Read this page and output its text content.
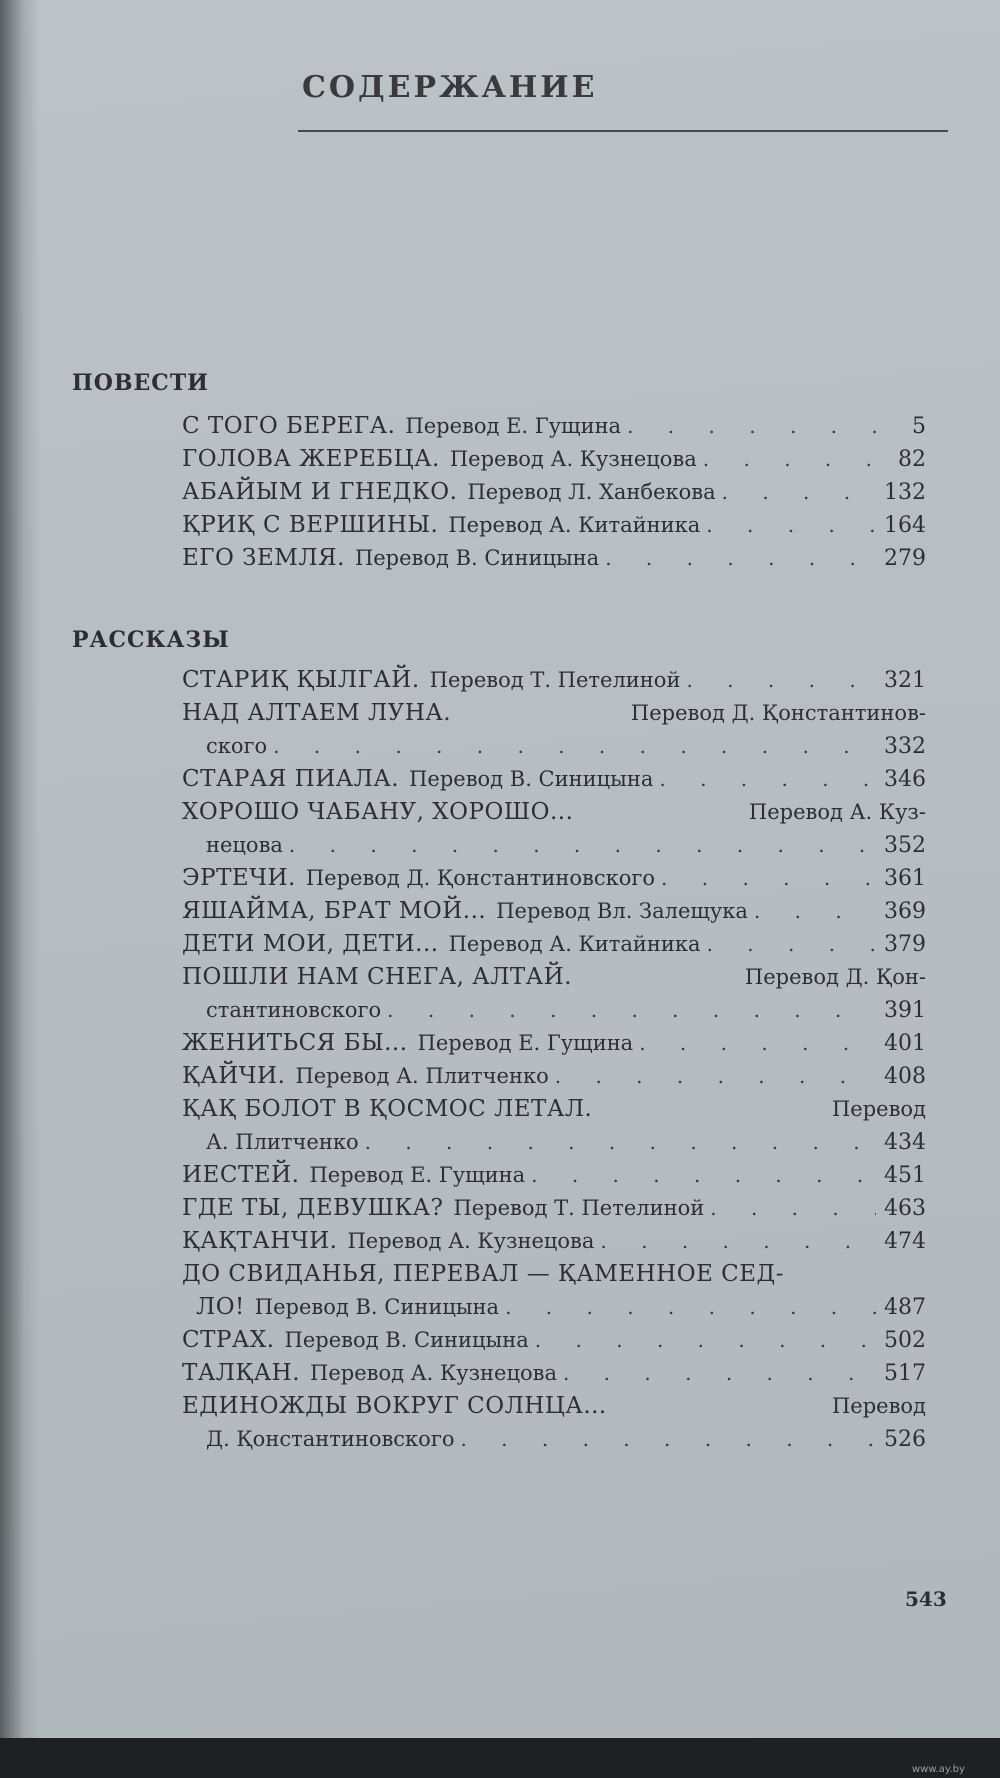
СОДЕРЖАНИЕ
ПОВЕСТИ
С ТОГО БЕРЕГА. Перевод Е. Гущина . . .	5
ГОЛОВА ЖЕРЕБЦА. Перевод А. Кузнецова . . .	82
АБАЙЫМ И ГНЕДКО. Перевод Л. Ханбекова . . .	132
ҚРИҚ С ВЕРШИНЫ. Перевод А. Китайника . . .	164
ЕГО ЗЕМЛЯ. Перевод В. Синицына . . .	279
РАССКАЗЫ
СТАРИҚ ҚЫЛГАЙ. Перевод Т. Петелиной . . .	321
НАД АЛТАЕМ ЛУНА.	Перевод Д. Қонстантинов-
ского . . .	332
СТАРАЯ ПИАЛА. Перевод В. Синицына . . .	346
ХОРОШО ЧАБАНУ, ХОРОШО...	Перевод А. Куз-
нецова . . .	352
ЭРТЕЧИ. Перевод Д. Қонстантиновского . . .	361
ЯШАЙМА, БРАТ МОЙ... Перевод Вл. Залещука . . .	369
ДЕТИ МОИ, ДЕТИ... Перевод А. Китайника . . .	379
ПОШЛИ НАМ СНЕГА, АЛТАЙ.	Перевод Д. Қон-
стантиновского . . .	391
ЖЕНИТЬСЯ БЫ... Перевод Е. Гущина . . .	401
ҚАЙЧИ. Перевод А. Плитченко . . .	408
ҚАҚ БОЛОТ В ҚОСМОС ЛЕТАЛ.	Перевод
А. Плитченко . . .	434
ИЕСТЕЙ. Перевод Е. Гущина . . .	451
ГДЕ ТЫ, ДЕВУШКА? Перевод Т. Петелиной . . .	463
ҚАҚТАНЧИ. Перевод А. Кузнецова . . .	474
ДО СВИДАНЬЯ, ПЕРЕВАЛ — ҚАМЕННОЕ СЕД-
ЛО! Перевод В. Синицына . . .	487
СТРАХ. Перевод В. Синицына . . .	502
ТАЛҚАН. Перевод А. Кузнецова . . .	517
ЕДИНОЖДЫ ВОКРУГ СОЛНЦА...	Перевод
Д. Қонстантиновского . . .	526
543
www.ay.by
